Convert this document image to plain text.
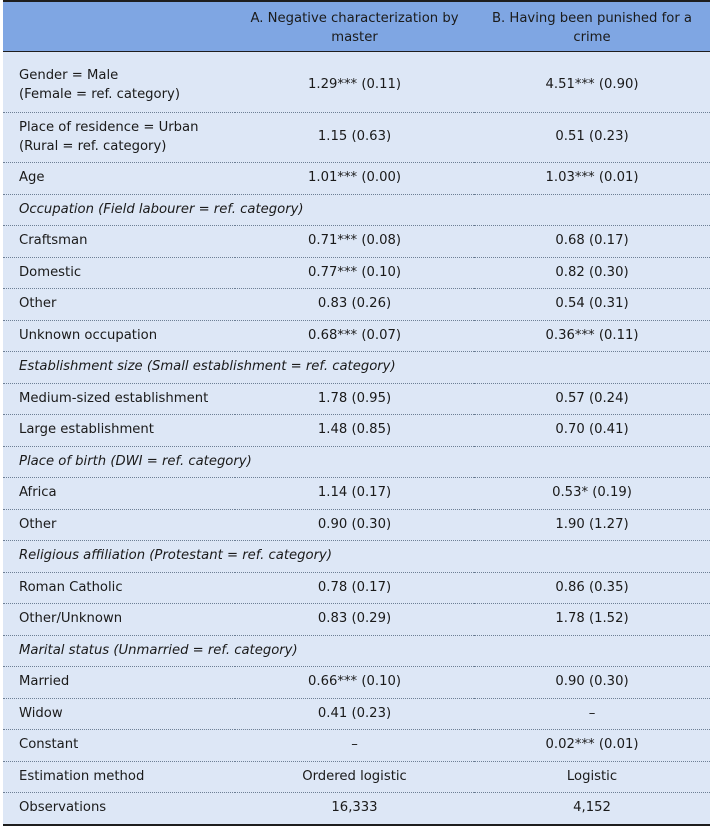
	A. Negative characterization by master	B. Having been punished for a crime
Gender = Male
(Female = ref. category)	1.29*** (0.11)	4.51*** (0.90)
Place of residence = Urban
(Rural = ref. category)	1.15 (0.63)	0.51 (0.23)
Age	1.01*** (0.00)	1.03*** (0.01)
Occupation (Field labourer = ref. category)		
Craftsman	0.71*** (0.08)	0.68 (0.17)
Domestic	0.77*** (0.10)	0.82 (0.30)
Other	0.83 (0.26)	0.54 (0.31)
Unknown occupation	0.68*** (0.07)	0.36*** (0.11)
Establishment size (Small establishment = ref. category)		
Medium-sized establishment	1.78 (0.95)	0.57 (0.24)
Large establishment	1.48 (0.85)	0.70 (0.41)
Place of birth (DWI = ref. category)		
Africa	1.14 (0.17)	0.53* (0.19)
Other	0.90 (0.30)	1.90 (1.27)
Religious affiliation (Protestant = ref. category)		
Roman Catholic	0.78 (0.17)	0.86 (0.35)
Other/Unknown	0.83 (0.29)	1.78 (1.52)
Marital status (Unmarried = ref. category)		
Married	0.66*** (0.10)	0.90 (0.30)
Widow	0.41 (0.23)	–
Constant	–	0.02*** (0.01)
Estimation method	Ordered logistic	Logistic
Observations	16,333	4,152
